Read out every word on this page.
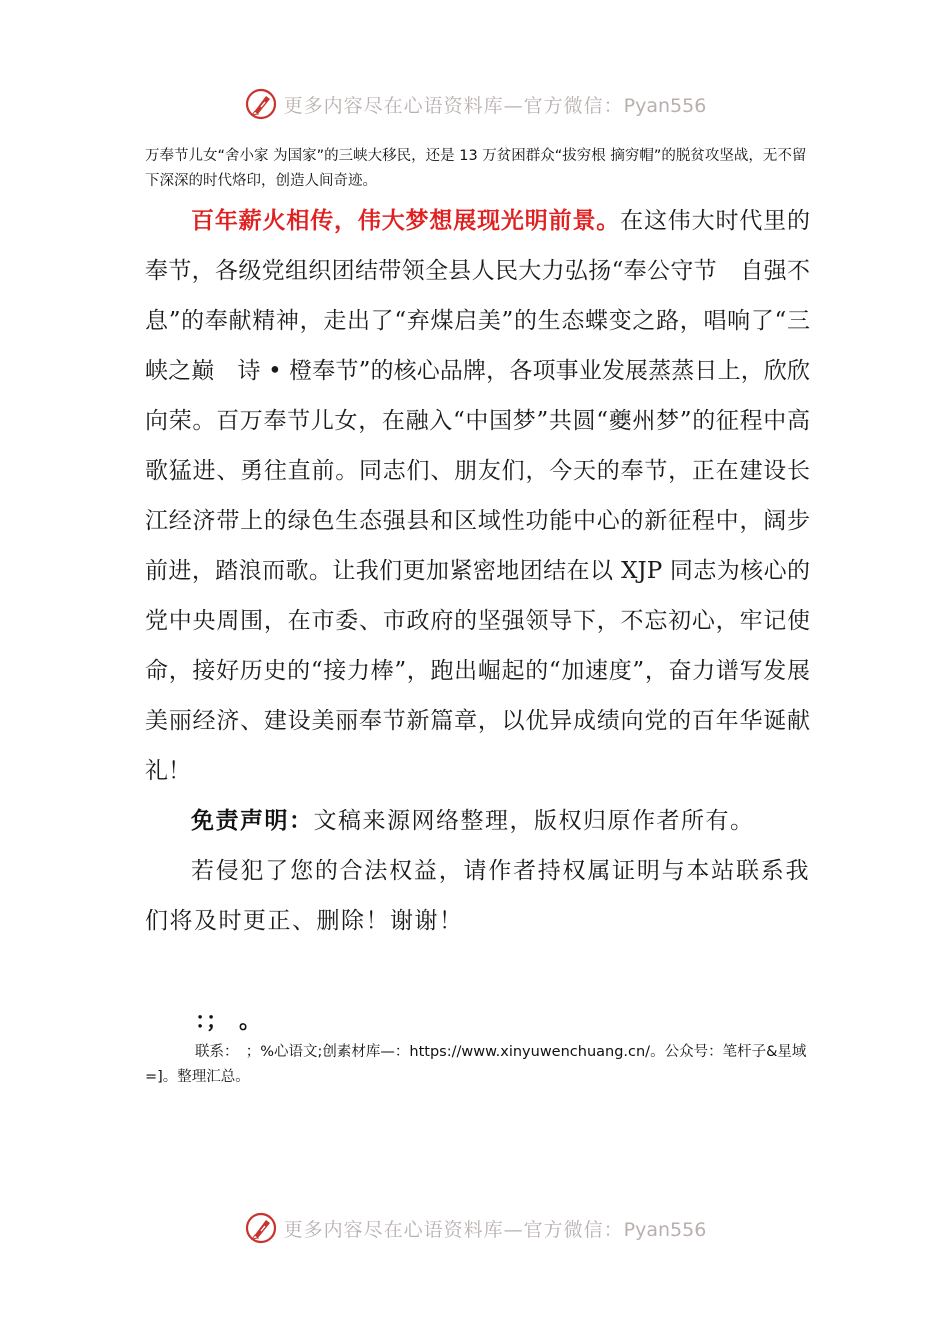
更多内容尽在心语资料库—官方微信：Pyan556
万奉节儿女“舍小家 为国家”的三峡大移民，还是 13 万贫困群众“拔穷根 摘穷帽”的脱贫攻坚战，无不留下深深的时代烙印，创造人间奇迹。

百年薪火相传，伟大梦想展现光明前景。在这伟大时代里的奉节，各级党组织团结带领全县人民大力弘扬“奉公守节　自强不息”的奉献精神，走出了“弃煤启美”的生态蝶变之路，唱响了“三峡之巅　诗 • 橙奉节”的核心品牌，各项事业发展蒸蒸日上，欣欣向荣。百万奉节儿女，在融入“中国梦”共圆“夔州梦”的征程中高歌猛进、勇往直前。同志们、朋友们，今天的奉节，正在建设长江经济带上的绿色生态强县和区域性功能中心的新征程中，阔步前进，踏浪而歌。让我们更加紧密地团结在以 XJP 同志为核心的党中央周围，在市委、市政府的坚强领导下，不忘初心，牢记使命，接好历史的“接力棒”，跑出崛起的“加速度”，奋力谱写发展美丽经济、建设美丽奉节新篇章，以优异成绩向党的百年华诞献礼！

免责声明：文稿来源网络整理，版权归原作者所有。

若侵犯了您的合法权益，请作者持权属证明与本站联系我们将及时更正、删除！谢谢！

：；　。
联系：　；%心语文;创素材库—：https://www.xinyuwenchuang.cn/。公众号：笔杆子&星域=]。整理汇总。
更多内容尽在心语资料库—官方微信：Pyan556
